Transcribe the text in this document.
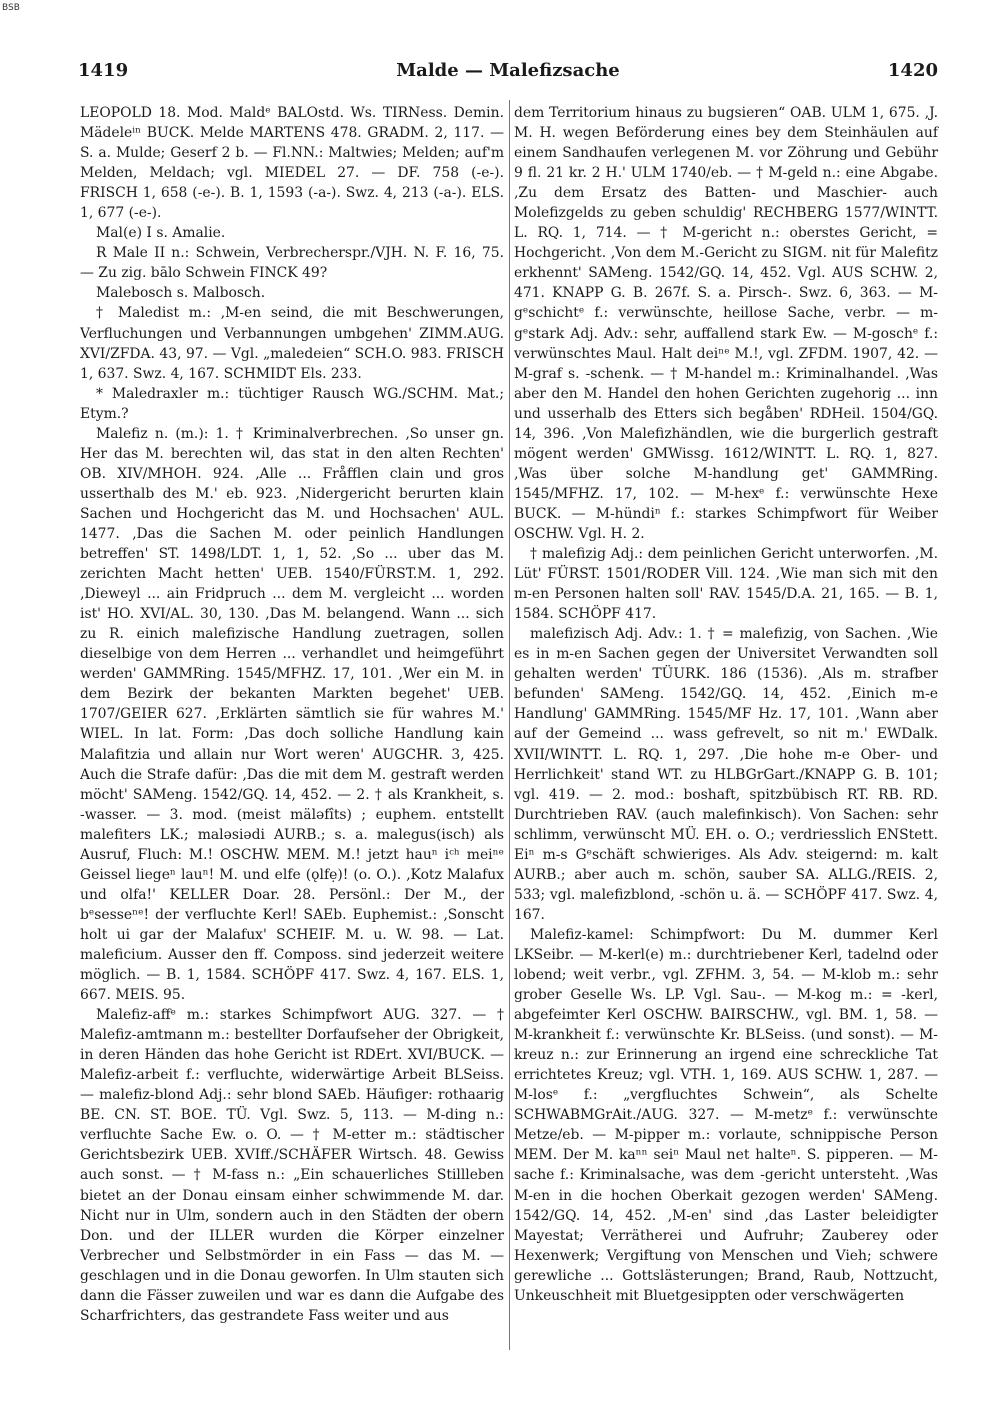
BSB
1419	Malde — Malefizsache	1420

LEOPOLD 18. Mod. Maldᵉ BALOstd. Ws. TIRNess. Demin. Mädeleⁱⁿ BUCK. Melde MARTENS 478. GRADM. 2, 117. — S. a. Mulde; Geserf 2 b. — Fl.NN.: Maltwies; Melden; auf'm Melden, Meldach; vgl. MIEDEL 27. — DF. 758 (-e-). FRISCH 1, 658 (-e-). B. 1, 1593 (-a-). Swz. 4, 213 (-a-). ELS. 1, 677 (-e-).

Mal(e) I s. Amalie.

R Male II n.: Schwein, Verbrecherspr./VJH. N. F. 16, 75. — Zu zig. bālo Schwein FINCK 49?

Malebosch s. Malbosch.

† Maledist m.: ‚M-en seind, die mit Beschwerungen, Verfluchungen und Verbannungen umbgehen' ZIMM.AUG. XVI/ZFDA. 43, 97. — Vgl. „maledeien“ SCH.O. 983. FRISCH 1, 637. Swz. 4, 167. SCHMIDT Els. 233.

* Maledraxler m.: tüchtiger Rausch WG./SCHM. Mat.; Etym.?

Malefiz n. (m.): 1. † Kriminalverbrechen. ‚So unser gn. Her das M. berechten wil, das stat in den alten Rechten' OB. XIV/MHOH. 924. ‚Alle ... Fråfflen clain und gros usserthalb des M.' eb. 923. ‚Nidergericht berurten klain Sachen und Hochgericht das M. und Hochsachen' AUL. 1477. ‚Das die Sachen M. oder peinlich Handlungen betreffen' ST. 1498/LDT. 1, 1, 52. ‚So ... uber das M. zerichten Macht hetten' UEB. 1540/FÜRST.M. 1, 292. ‚Dieweyl ... ain Fridpruch ... dem M. vergleicht ... worden ist' HO. XVI/AL. 30, 130. ‚Das M. belangend. Wann ... sich zu R. einich malefizische Handlung zuetragen, sollen dieselbige von dem Herren ... verhandlet und heimgeführt werden' GAMMRing. 1545/MFHZ. 17, 101. ‚Wer ein M. in dem Bezirk der bekanten Markten begehet' UEB. 1707/GEIER 627. ‚Erklärten sämtlich sie für wahres M.' WIEL. In lat. Form: ‚Das doch solliche Handlung kain Malafitzia und allain nur Wort weren' AUGCHR. 3, 425. Auch die Strafe dafür: ‚Das die mit dem M. gestraft werden möcht' SAMeng. 1542/GQ. 14, 452. — 2. † als Krankheit, s. -wasser. — 3. mod. (meist mälәfîts) ; euphem. entstellt malefiters LK.; malәsiәdi AURB.; s. a. malegus(isch) als Ausruf, Fluch: M.! OSCHW. MEM. M.! jetzt hauⁿ iᶜʰ meiⁿᵉ Geissel liegeⁿ lauⁿ! M. und elfe (ǫlfẹ)! (o. O.). ‚Kotz Malafux und olfa!' KELLER Doar. 28. Persönl.: Der M., der bᵉsesseⁿᵉ! der verfluchte Kerl! SAEb. Euphemist.: ‚Sonscht holt ui gar der Malafux' SCHEIF. M. u. W. 98. — Lat. maleficium. Ausser den ff. Composs. sind jederzeit weitere möglich. — B. 1, 1584. SCHÖPF 417. Swz. 4, 167. ELS. 1, 667. MEIS. 95.

Malefiz-affᵉ m.: starkes Schimpfwort AUG. 327. — † Malefiz-amtmann m.: bestellter Dorfaufseher der Obrigkeit, in deren Händen das hohe Gericht ist RDErt. XVI/BUCK. — Malefiz-arbeit f.: verfluchte, widerwärtige Arbeit BLSeiss. — malefiz-blond Adj.: sehr blond SAEb. Häufiger: rothaarig BE. CN. ST. BOE. TÜ. Vgl. Swz. 5, 113. — M-ding n.: verfluchte Sache Ew. o. O. — † M-etter m.: städtischer Gerichtsbezirk UEB. XVIff./SCHÄFER Wirtsch. 48. Gewiss auch sonst. — † M-fass n.: „Ein schauerliches Stillleben bietet an der Donau einsam einher schwimmende M. dar. Nicht nur in Ulm, sondern auch in den Städten der obern Don. und der ILLER wurden die Körper einzelner Verbrecher und Selbstmörder in ein Fass — das M. — geschlagen und in die Donau geworfen. In Ulm stauten sich dann die Fässer zuweilen und war es dann die Aufgabe des Scharfrichters, das gestrandete Fass weiter und aus

dem Territorium hinaus zu bugsieren“ OAB. ULM 1, 675. ‚J. M. H. wegen Beförderung eines bey dem Steinhäulen auf einem Sandhaufen verlegenen M. vor Zöhrung und Gebühr 9 fl. 21 kr. 2 H.' ULM 1740/eb. — † M-geld n.: eine Abgabe. ‚Zu dem Ersatz des Batten- und Maschier- auch Molefizgelds zu geben schuldig' RECHBERG 1577/WINTT. L. RQ. 1, 714. — † M-gericht n.: oberstes Gericht, = Hochgericht. ‚Von dem M.-Gericht zu SIGM. nit für Malefitz erkhennt' SAMeng. 1542/GQ. 14, 452. Vgl. AUS SCHW. 2, 471. KNAPP G. B. 267f. S. a. Pirsch-. Swz. 6, 363. — M-gᵉschichtᵉ f.: verwünschte, heillose Sache, verbr. — m-gᵉstark Adj. Adv.: sehr, auffallend stark Ew. — M-goschᵉ f.: verwünschtes Maul. Halt deiⁿᵉ M.!, vgl. ZFDM. 1907, 42. — M-graf s. -schenk. — † M-handel m.: Kriminalhandel. ‚Was aber den M. Handel den hohen Gerichten zugehorig ... inn und usserhalb des Etters sich begåben' RDHeil. 1504/GQ. 14, 396. ‚Von Malefizhändlen, wie die burgerlich gestraft mögent werden' GMWissg. 1612/WINTT. L. RQ. 1, 827. ‚Was über solche M-handlung get' GAMMRing. 1545/MFHZ. 17, 102. — M-hexᵉ f.: verwünschte Hexe BUCK. — M-hündiⁿ f.: starkes Schimpfwort für Weiber OSCHW. Vgl. H. 2.

† malefizig Adj.: dem peinlichen Gericht unterworfen. ‚M. Lüt' FÜRST. 1501/RODER Vill. 124. ‚Wie man sich mit den m-en Personen halten soll' RAV. 1545/D.A. 21, 165. — B. 1, 1584. SCHÖPF 417.

malefizisch Adj. Adv.: 1. † = malefizig, von Sachen. ‚Wie es in m-en Sachen gegen der Universitet Verwandten soll gehalten werden' TÜURK. 186 (1536). ‚Als m. strafber befunden' SAMeng. 1542/GQ. 14, 452. ‚Einich m-e Handlung' GAMMRing. 1545/MF Hz. 17, 101. ‚Wann aber auf der Gemeind ... wass gefrevelt, so nit m.' EWDalk. XVII/WINTT. L. RQ. 1, 297. ‚Die hohe m-e Ober- und Herrlichkeit' stand WT. zu HLBGrGart./KNAPP G. B. 101; vgl. 419. — 2. mod.: boshaft, spitzbübisch RT. RB. RD. Durchtrieben RAV. (auch malefinkisch). Von Sachen: sehr schlimm, verwünscht MÜ. EH. o. O.; verdriesslich ENStett. Eiⁿ m-s Gᵉschäft schwieriges. Als Adv. steigernd: m. kalt AURB.; aber auch m. schön, sauber SA. ALLG./REIS. 2, 533; vgl. malefizblond, -schön u. ä. — SCHÖPF 417. Swz. 4, 167.

Malefiz-kamel: Schimpfwort: Du M. dummer Kerl LKSeibr. — M-kerl(e) m.: durchtriebener Kerl, tadelnd oder lobend; weit verbr., vgl. ZFHM. 3, 54. — M-klob m.: sehr grober Geselle Ws. LP. Vgl. Sau-. — M-kog m.: = -kerl, abgefeimter Kerl OSCHW. BAIRSCHW., vgl. BM. 1, 58. — M-krankheit f.: verwünschte Kr. BLSeiss. (und sonst). — M-kreuz n.: zur Erinnerung an irgend eine schreckliche Tat errichtetes Kreuz; vgl. VTH. 1, 169. AUS SCHW. 1, 287. — M-losᵉ f.: „vergfluchtes Schwein“, als Schelte SCHWABMGrAit./AUG. 327. — M-metzᵉ f.: verwünschte Metze/eb. — M-pipper m.: vorlaute, schnippische Person MEM. Der M. kaⁿⁿ seiⁿ Maul net halteⁿ. S. pipperen. — M-sache f.: Kriminalsache, was dem -gericht untersteht. ‚Was M-en in die hochen Oberkait gezogen werden' SAMeng. 1542/GQ. 14, 452. ‚M-en' sind ‚das Laster beleidigter Mayestat; Verrätherei und Aufruhr; Zauberey oder Hexenwerk; Vergiftung von Menschen und Vieh; schwere gerewliche ... Gottslästerungen; Brand, Raub, Nottzucht, Unkeuschheit mit Bluetgesippten oder verschwägerten
